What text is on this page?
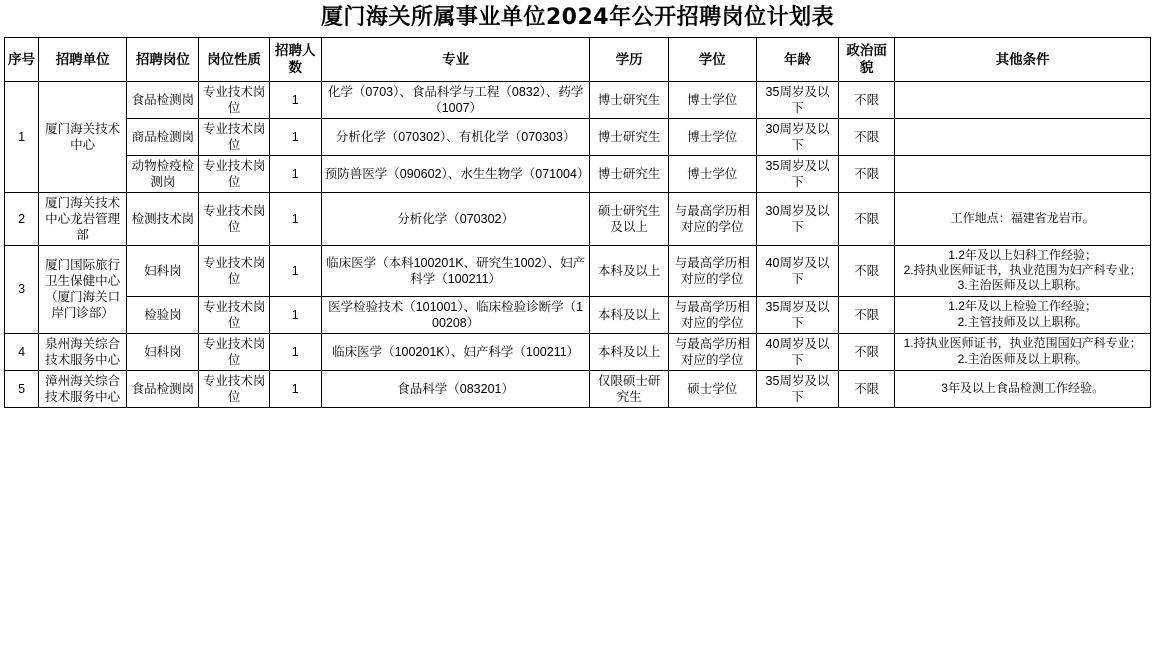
厦门海关所属事业单位2024年公开招聘岗位计划表
序号	招聘单位	招聘岗位	岗位性质	招聘人数	专业	学历	学位	年龄	政治面貌	其他条件
1	厦门海关技术中心	食品检测岗	专业技术岗位	1	化学（0703）、食品科学与工程（0832）、药学（1007）	博士研究生	博士学位	35周岁及以下	不限	
		商品检测岗	专业技术岗位	1	分析化学（070302）、有机化学（070303）	博士研究生	博士学位	30周岁及以下	不限	
		动物检疫检测岗	专业技术岗位	1	预防兽医学（090602）、水生生物学（071004）	博士研究生	博士学位	35周岁及以下	不限	
2	厦门海关技术中心龙岩管理部	检测技术岗	专业技术岗位	1	分析化学（070302）	硕士研究生及以上	与最高学历相对应的学位	30周岁及以下	不限	工作地点：福建省龙岩市。
3	厦门国际旅行卫生保健中心（厦门海关口岸门诊部）	妇科岗	专业技术岗位	1	临床医学（本科100201K、研究生1002）、妇产科学（100211）	本科及以上	与最高学历相对应的学位	40周岁及以下	不限	1.2年及以上妇科工作经验；
2.持执业医师证书，执业范围为妇产科专业；
3.主治医师及以上职称。
		检验岗	专业技术岗位	1	医学检验技术（101001）、临床检验诊断学（100208）	本科及以上	与最高学历相对应的学位	35周岁及以下	不限	1.2年及以上检验工作经验；
2.主管技师及以上职称。
4	泉州海关综合技术服务中心	妇科岗	专业技术岗位	1	临床医学（100201K）、妇产科学（100211）	本科及以上	与最高学历相对应的学位	40周岁及以下	不限	1.持执业医师证书，执业范围国妇产科专业；
2.主治医师及以上职称。
5	漳州海关综合技术服务中心	食品检测岗	专业技术岗位	1	食品科学（083201）	仅限硕士研究生	硕士学位	35周岁及以下	不限	3年及以上食品检测工作经验。
